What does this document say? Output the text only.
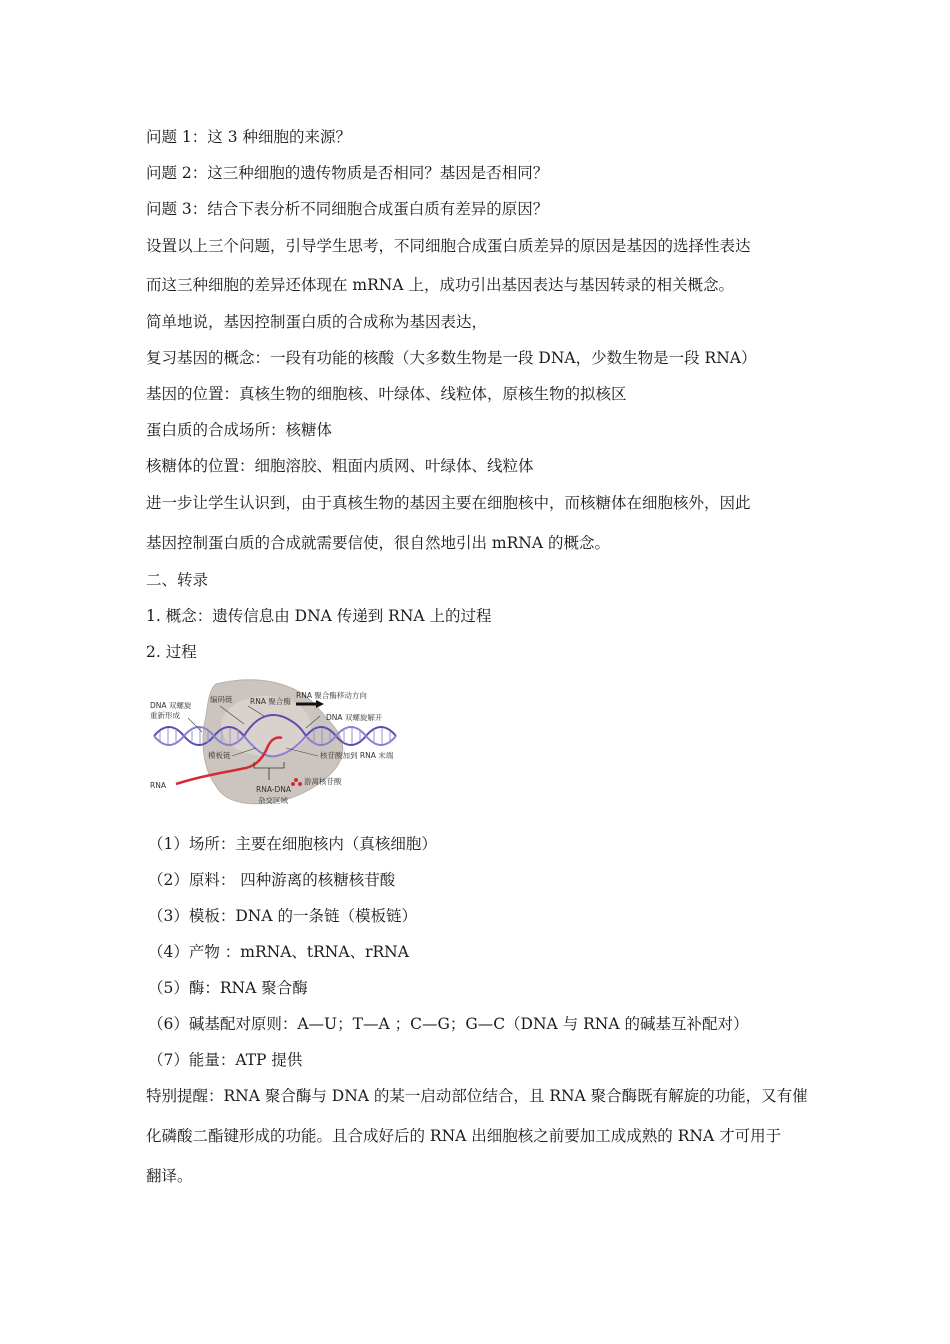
问题 1：这 3 种细胞的来源？
问题 2：这三种细胞的遗传物质是否相同？基因是否相同？
问题 3：结合下表分析不同细胞合成蛋白质有差异的原因？
设置以上三个问题，引导学生思考，不同细胞合成蛋白质差异的原因是基因的选择性表达
而这三种细胞的差异还体现在 mRNA 上，成功引出基因表达与基因转录的相关概念。
简单地说，基因控制蛋白质的合成称为基因表达，
复习基因的概念：一段有功能的核酸（大多数生物是一段 DNA，少数生物是一段 RNA）
基因的位置：真核生物的细胞核、叶绿体、线粒体，原核生物的拟核区
蛋白质的合成场所：核糖体
核糖体的位置：细胞溶胶、粗面内质网、叶绿体、线粒体
进一步让学生认识到，由于真核生物的基因主要在细胞核中，而核糖体在细胞核外，因此
基因控制蛋白质的合成就需要信使，很自然地引出 mRNA 的概念。
二、转录
1. 概念：遗传信息由 DNA 传递到 RNA 上的过程
2. 过程
DNA 双螺旋
重新形成
编码链 RNA 聚合酶
RNA 聚合酶移动方向
DNA 双螺旋解开
模板链	核苷酸加到 RNA 末端
游离核苷酸
RNA	RNA-DNA
杂交区域
（1）场所：主要在细胞核内（真核细胞）
（2）原料： 四种游离的核糖核苷酸
（3）模板：DNA 的一条链（模板链）
（4）产物 ：mRNA、tRNA、rRNA
（5）酶：RNA 聚合酶
（6）碱基配对原则：A—U；T—A ；C—G；G—C（DNA 与 RNA 的碱基互补配对）
（7）能量：ATP 提供
特别提醒：RNA 聚合酶与 DNA 的某一启动部位结合，且 RNA 聚合酶既有解旋的功能，又有催
化磷酸二酯键形成的功能。且合成好后的 RNA 出细胞核之前要加工成成熟的 RNA 才可用于
翻译。
